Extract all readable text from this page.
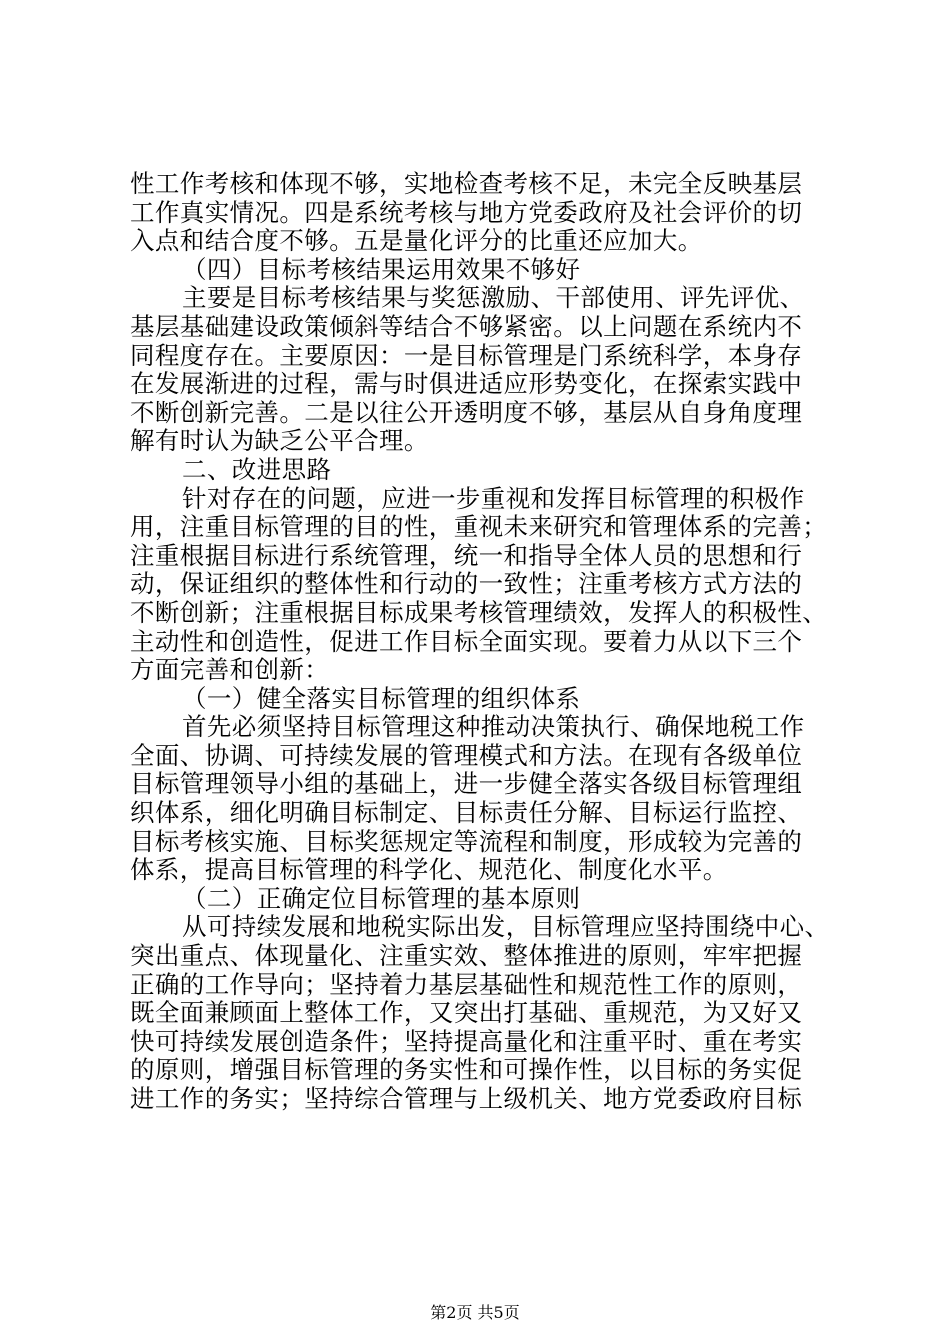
性工作考核和体现不够，实地检查考核不足，未完全反映基层
工作真实情况。四是系统考核与地方党委政府及社会评价的切
入点和结合度不够。五是量化评分的比重还应加大。
（四）目标考核结果运用效果不够好
主要是目标考核结果与奖惩激励、干部使用、评先评优、
基层基础建设政策倾斜等结合不够紧密。以上问题在系统内不
同程度存在。主要原因：一是目标管理是门系统科学，本身存
在发展渐进的过程，需与时俱进适应形势变化，在探索实践中
不断创新完善。二是以往公开透明度不够，基层从自身角度理
解有时认为缺乏公平合理。
二、改进思路
针对存在的问题，应进一步重视和发挥目标管理的积极作
用，注重目标管理的目的性，重视未来研究和管理体系的完善；
注重根据目标进行系统管理，统一和指导全体人员的思想和行
动，保证组织的整体性和行动的一致性；注重考核方式方法的
不断创新；注重根据目标成果考核管理绩效，发挥人的积极性、
主动性和创造性，促进工作目标全面实现。要着力从以下三个
方面完善和创新：
（一）健全落实目标管理的组织体系
首先必须坚持目标管理这种推动决策执行、确保地税工作
全面、协调、可持续发展的管理模式和方法。在现有各级单位
目标管理领导小组的基础上，进一步健全落实各级目标管理组
织体系，细化明确目标制定、目标责任分解、目标运行监控、
目标考核实施、目标奖惩规定等流程和制度，形成较为完善的
体系，提高目标管理的科学化、规范化、制度化水平。
（二）正确定位目标管理的基本原则
从可持续发展和地税实际出发，目标管理应坚持围绕中心、
突出重点、体现量化、注重实效、整体推进的原则，牢牢把握
正确的工作导向；坚持着力基层基础性和规范性工作的原则，
既全面兼顾面上整体工作，又突出打基础、重规范，为又好又
快可持续发展创造条件；坚持提高量化和注重平时、重在考实
的原则，增强目标管理的务实性和可操作性，以目标的务实促
进工作的务实；坚持综合管理与上级机关、地方党委政府目标
第2页 共5页
